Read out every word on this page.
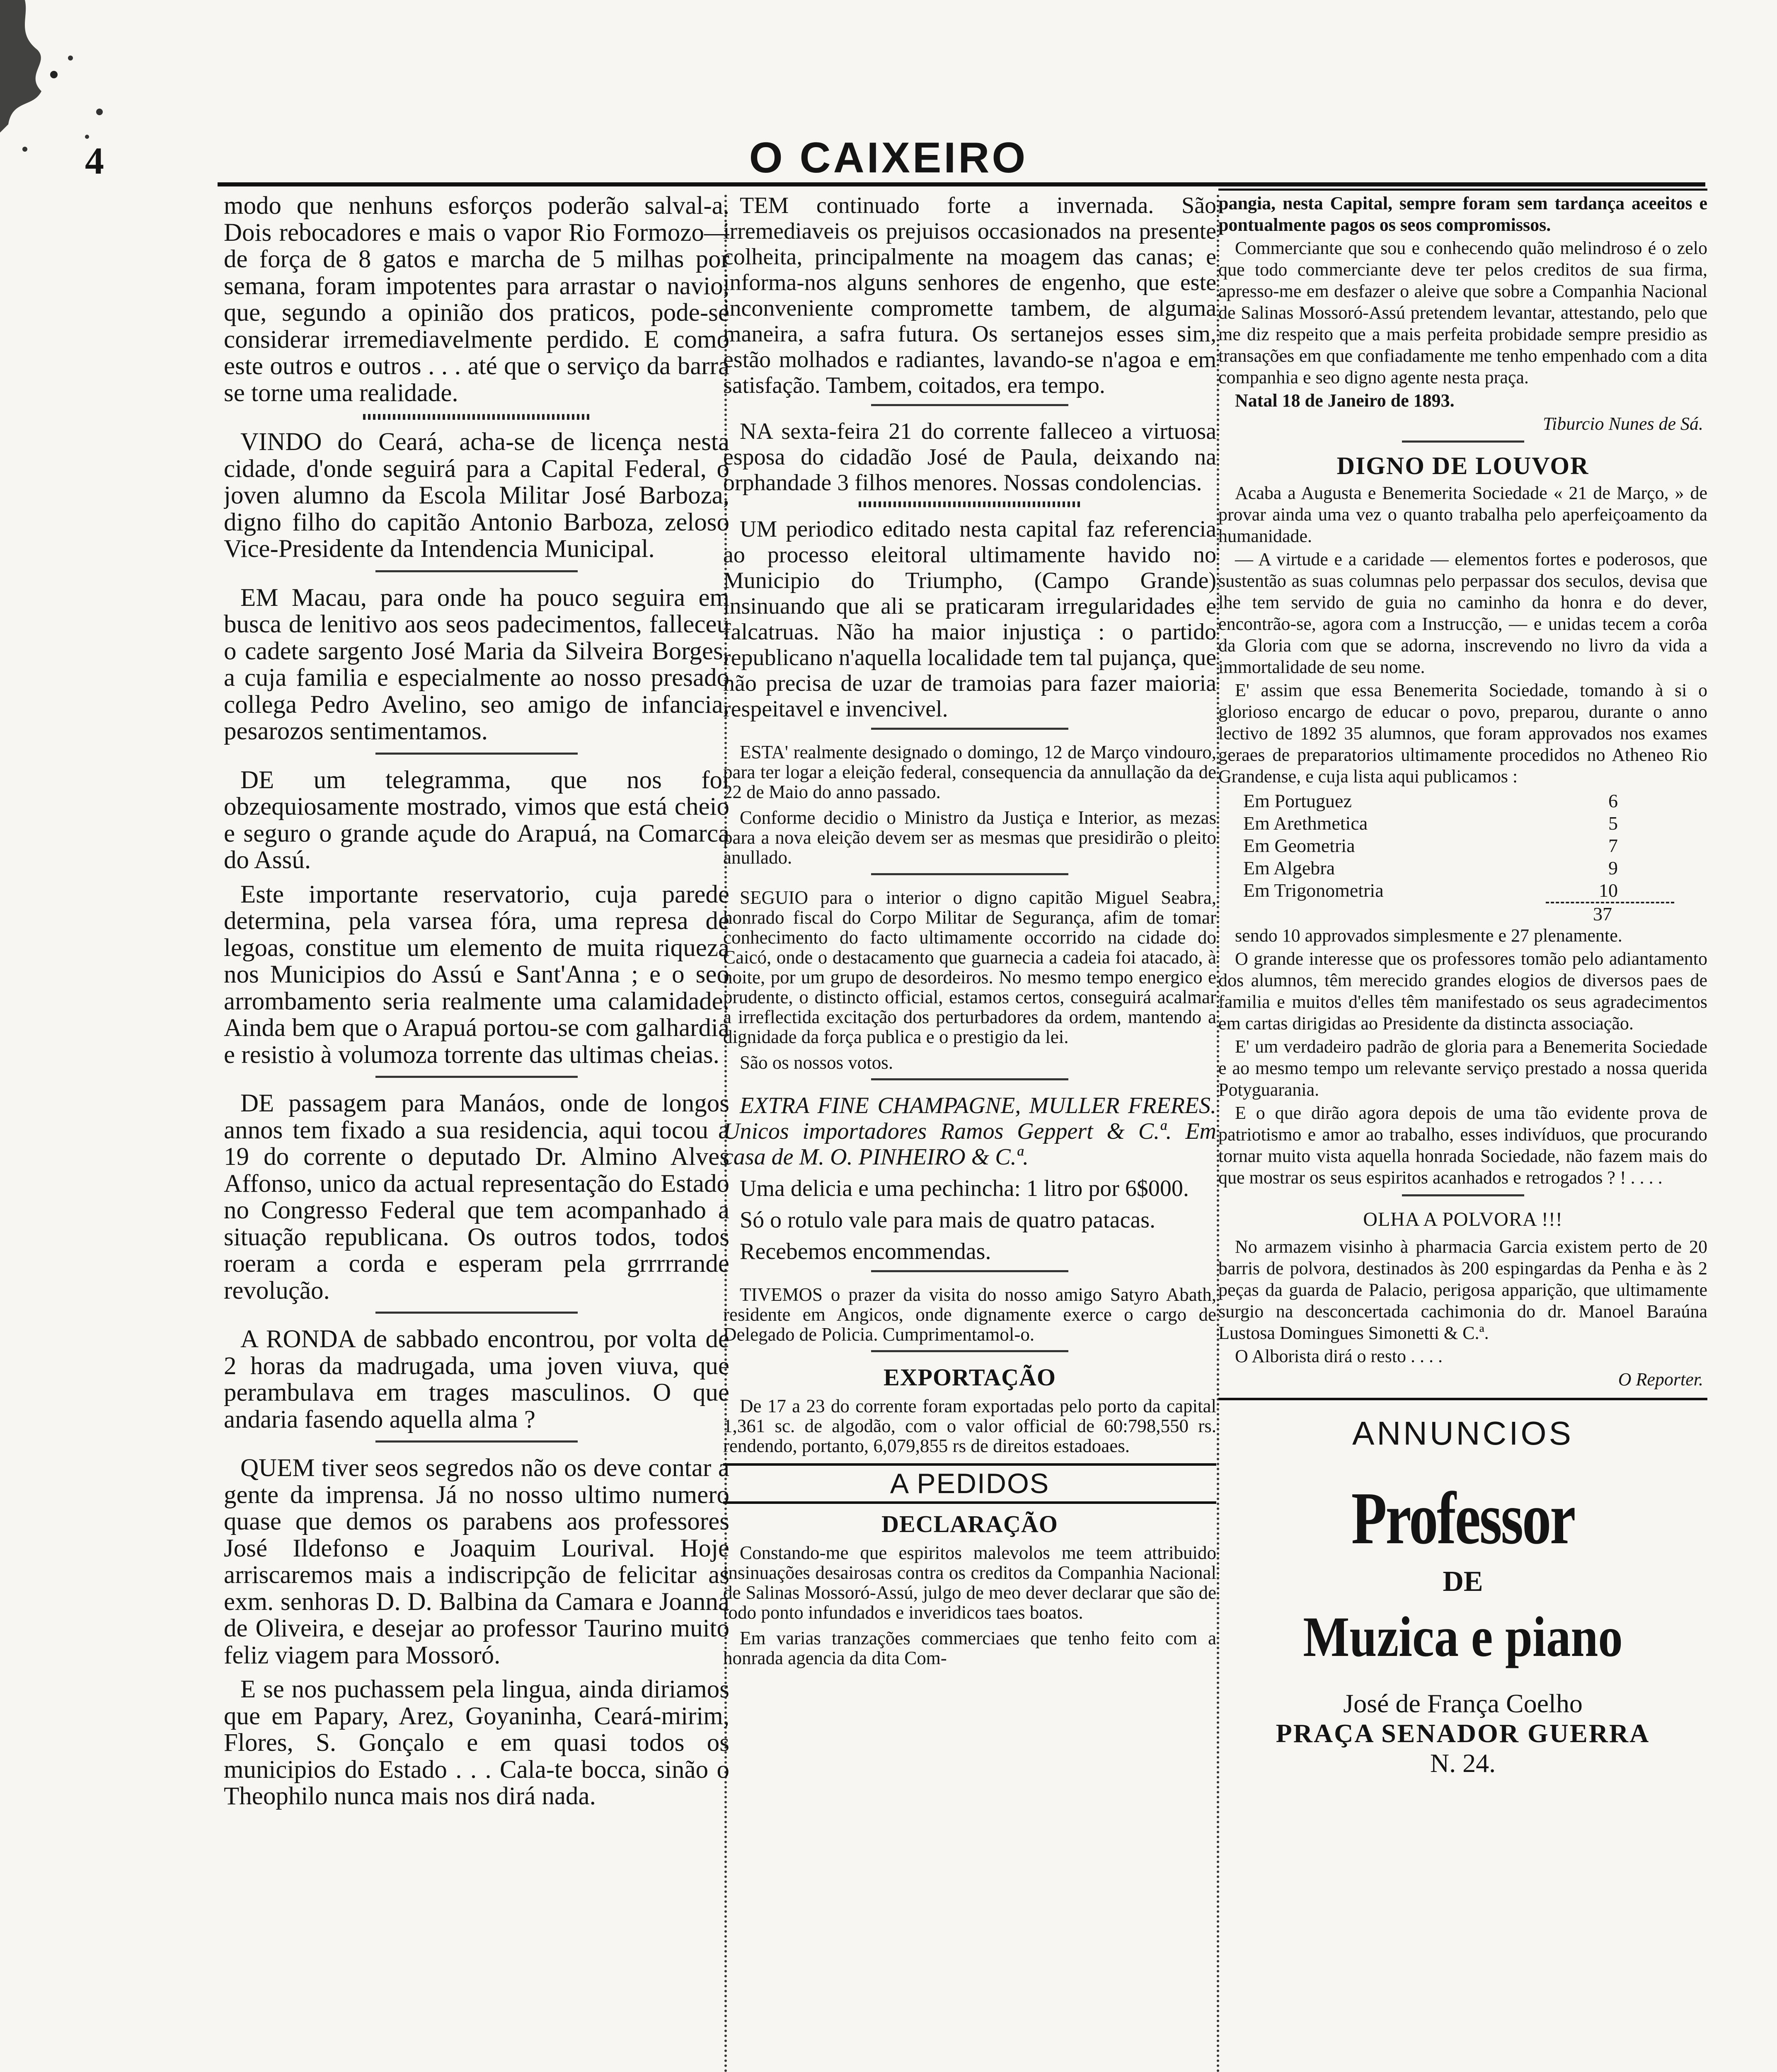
4	O CAIXEIRO

modo que nenhuns esforços poderão salval-a. Dois rebocadores e mais o vapor Rio Formozo—de força de 8 gatos e marcha de 5 milhas por semana, foram impotentes para arrastar o navio, que, segundo a opinião dos praticos, pode-se considerar irremediavelmente perdido. E como este outros e outros . . . até que o serviço da barra se torne uma realidade.

VINDO do Ceará, acha-se de licença nesta cidade, d'onde seguirá para a Capital Federal, o joven alumno da Escola Militar José Barboza, digno filho do capitão Antonio Barboza, zeloso Vice-Presidente da Intendencia Municipal.

EM Macau, para onde ha pouco seguira em busca de lenitivo aos seos padecimentos, falleceu o cadete sargento José Maria da Silveira Borges, a cuja familia e especialmente ao nosso presado collega Pedro Avelino, seo amigo de infancia, pesarozos sentimentamos.

DE um telegramma, que nos foi obzequiosamente mostrado, vimos que está cheio e seguro o grande açude do Arapuá, na Comarca do Assú.

Este importante reservatorio, cuja parede determina, pela varsea fóra, uma represa de legoas, constitue um elemento de muita riqueza nos Municipios do Assú e Sant'Anna ; e o seo arrombamento seria realmente uma calamidade. Ainda bem que o Arapuá portou-se com galhardia e resistio à volumoza torrente das ultimas cheias.

DE passagem para Manáos, onde de longos annos tem fixado a sua residencia, aqui tocou a 19 do corrente o deputado Dr. Almino Alves Affonso, unico da actual representação do Estado no Congresso Federal que tem acompanhado a situação republicana. Os outros todos, todos roeram a corda e esperam pela grrrrrande revolução.

A RONDA de sabbado encontrou, por volta de 2 horas da madrugada, uma joven viuva, que perambulava em trages masculinos. O que andaria fasendo aquella alma ?

QUEM tiver seos segredos não os deve contar a gente da imprensa. Já no nosso ultimo numero quase que demos os parabens aos professores José Ildefonso e Joaquim Lourival. Hoje arriscaremos mais a indiscripção de felicitar as exm. senhoras D. D. Balbina da Camara e Joanna de Oliveira, e desejar ao professor Taurino muito feliz viagem para Mossoró.

E se nos puchassem pela lingua, ainda diriamos que em Papary, Arez, Goyaninha, Ceará-mirim, Flores, S. Gonçalo e em quasi todos os municipios do Estado . . . Cala-te bocca, sinão o Theophilo nunca mais nos dirá nada.

TEM continuado forte a invernada. São irremediaveis os prejuisos occasionados na presente colheita, principalmente na moagem das canas; e informa-nos alguns senhores de engenho, que este inconveniente compromette tambem, de alguma maneira, a safra futura. Os sertanejos esses sim, estão molhados e radiantes, lavando-se n'agoa e em satisfação. Tambem, coitados, era tempo.

NA sexta-feira 21 do corrente falleceo a virtuosa esposa do cidadão José de Paula, deixando na orphandade 3 filhos menores. Nossas condolencias.

UM periodico editado nesta capital faz referencia ao processo eleitoral ultimamente havido no Municipio do Triumpho, (Campo Grande) insinuando que ali se praticaram irregularidades e falcatruas. Não ha maior injustiça : o partido republicano n'aquella localidade tem tal pujança, que não precisa de uzar de tramoias para fazer maioria respeitavel e invencivel.

ESTA' realmente designado o domingo, 12 de Março vindouro, para ter logar a eleição federal, consequencia da annullação da de 22 de Maio do anno passado.

Conforme decidio o Ministro da Justiça e Interior, as mezas para a nova eleição devem ser as mesmas que presidirão o pleito anullado.

SEGUIO para o interior o digno capitão Miguel Seabra, honrado fiscal do Corpo Militar de Segurança, afim de tomar conhecimento do facto ultimamente occorrido na cidade do Caicó, onde o destacamento que guarnecia a cadeia foi atacado, à noite, por um grupo de desordeiros. No mesmo tempo energico e prudente, o distincto official, estamos certos, conseguirá acalmar a irreflectida excitação dos perturbadores da ordem, mantendo a dignidade da força publica e o prestigio da lei.

São os nossos votos.

EXTRA FINE CHAMPAGNE, MULLER FRERES. Unicos importadores Ramos Geppert & C.ª. Em casa de M. O. PINHEIRO & C.ª.

Uma delicia e uma pechincha: 1 litro por 6$000.

Só o rotulo vale para mais de quatro patacas.

Recebemos encommendas.

TIVEMOS o prazer da visita do nosso amigo Satyro Abath, residente em Angicos, onde dignamente exerce o cargo de Delegado de Policia. Cumprimentamol-o.

EXPORTAÇÃO

De 17 a 23 do corrente foram exportadas pelo porto da capital 1,361 sc. de algodão, com o valor official de 60:798,550 rs. rendendo, portanto, 6,079,855 rs de direitos estadoaes.

A PEDIDOS
DECLARAÇÃO

Constando-me que espiritos malevolos me teem attribuido insinuações desairosas contra os creditos da Companhia Nacional de Salinas Mossoró-Assú, julgo de meo dever declarar que são de todo ponto infundados e inveridicos taes boatos.

Em varias tranzações commerciaes que tenho feito com a honrada agencia da dita Com-

pangia, nesta Capital, sempre foram sem tardança aceeitos e pontualmente pagos os seos compromissos.

Commerciante que sou e conhecendo quão melindroso é o zelo que todo commerciante deve ter pelos creditos de sua firma, apresso-me em desfazer o aleive que sobre a Companhia Nacional de Salinas Mossoró-Assú pretendem levantar, attestando, pelo que me diz respeito que a mais perfeita probidade sempre presidio as transações em que confiadamente me tenho empenhado com a dita companhia e seo digno agente nesta praça.

Natal 18 de Janeiro de 1893.

Tiburcio Nunes de Sá.
DIGNO DE LOUVOR

Acaba a Augusta e Benemerita Sociedade « 21 de Março, » de provar ainda uma vez o quanto trabalha pelo aperfeiçoamento da humanidade.

— A virtude e a caridade — elementos fortes e poderosos, que sustentão as suas columnas pelo perpassar dos seculos, devisa que lhe tem servido de guia no caminho da honra e do dever, encontrão-se, agora com a Instrucção, — e unidas tecem a corôa da Gloria com que se adorna, inscrevendo no livro da vida a immortalidade de seu nome.

E' assim que essa Benemerita Sociedade, tomando à si o glorioso encargo de educar o povo, preparou, durante o anno lectivo de 1892 35 alumnos, que foram approvados nos exames geraes de preparatorios ultimamente procedidos no Atheneo Rio Grandense, e cuja lista aqui publicamos :

Em Portuguez	6
Em Arethmetica	5
Em Geometria	7
Em Algebra	9
Em Trigonometria	10
37

sendo 10 approvados simplesmente e 27 plenamente.

O grande interesse que os professores tomão pelo adiantamento dos alumnos, têm merecido grandes elogios de diversos paes de familia e muitos d'elles têm manifestado os seus agradecimentos em cartas dirigidas ao Presidente da distincta associação.

E' um verdadeiro padrão de gloria para a Benemerita Sociedade e ao mesmo tempo um relevante serviço prestado a nossa querida Potyguarania.

E o que dirão agora depois de uma tão evidente prova de patriotismo e amor ao trabalho, esses indivíduos, que procurando tornar muito vista aquella honrada Sociedade, não fazem mais do que mostrar os seus espiritos acanhados e retrogados ? ! . . . .

OLHA A POLVORA !!!

No armazem visinho à pharmacia Garcia existem perto de 20 barris de polvora, destinados às 200 espingardas da Penha e às 2 peças da guarda de Palacio, perigosa apparição, que ultimamente surgio na desconcertada cachimonia do dr. Manoel Baraúna Lustosa Domingues Simonetti & C.ª.

O Alborista dirá o resto . . . .

O Reporter.
ANNUNCIOS
Professor
DE
Muzica e piano
José de França Coelho
PRAÇA SENADOR GUERRA
N. 24.
